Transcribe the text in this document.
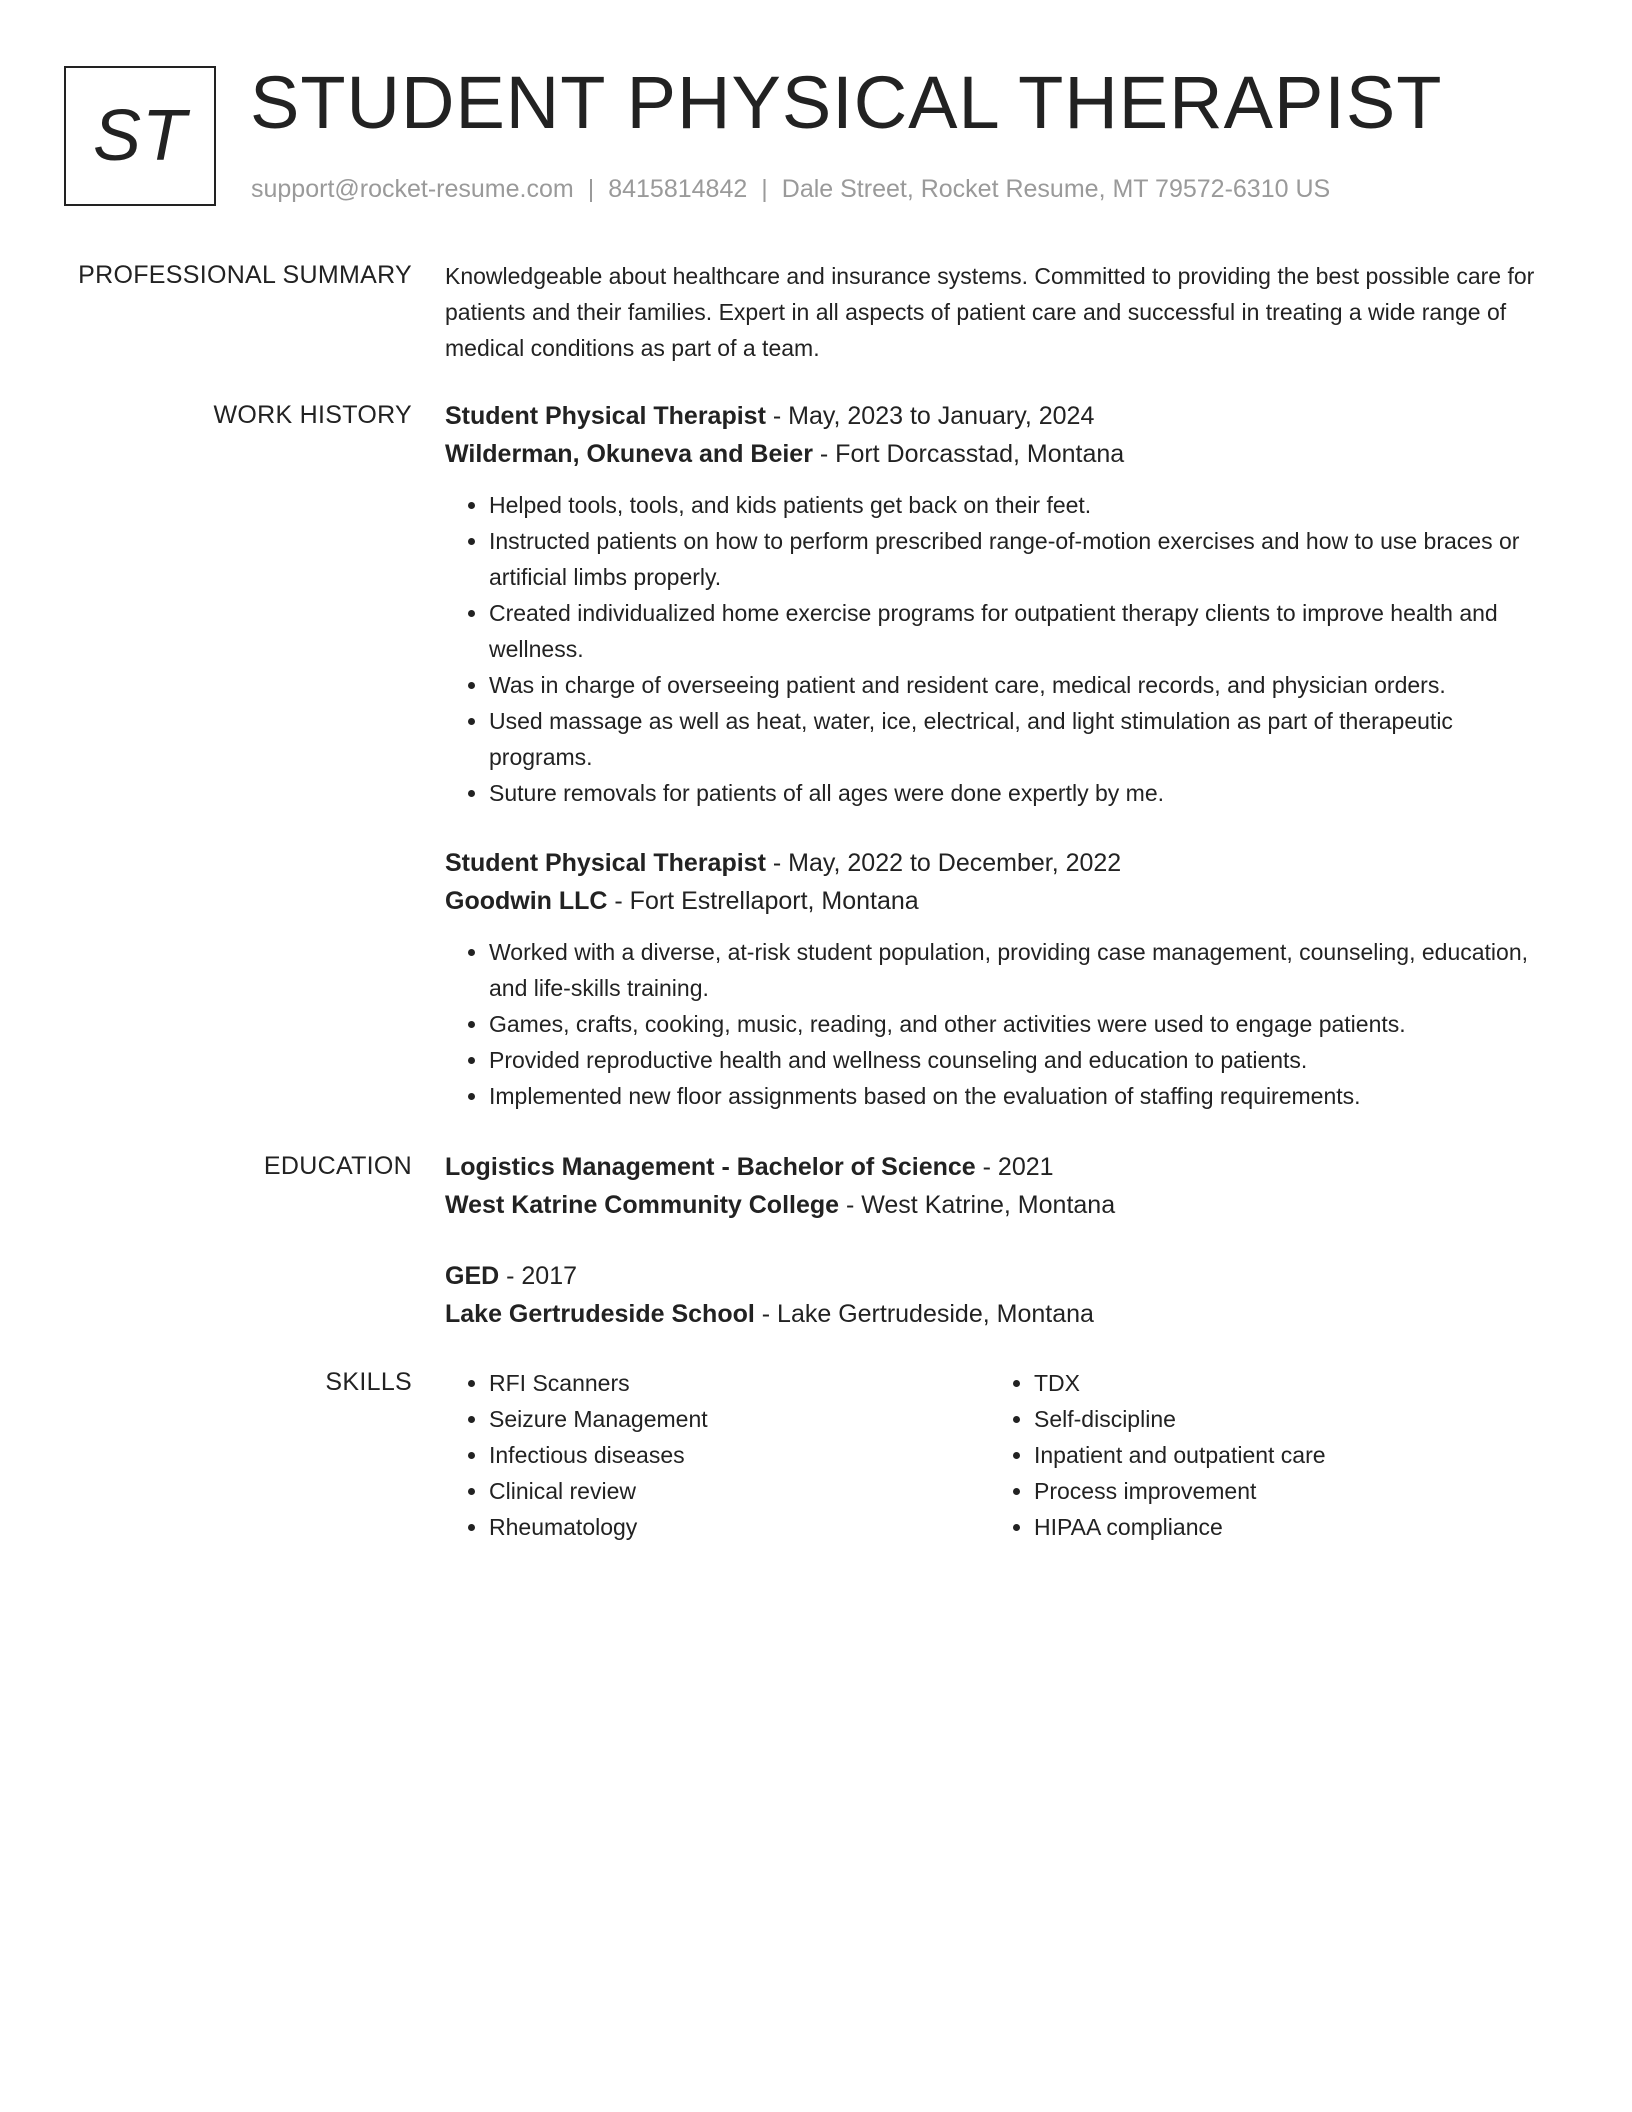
ST STUDENT PHYSICAL THERAPIST
support@rocket-resume.com | 8415814842 | Dale Street, Rocket Resume, MT 79572-6310 US
PROFESSIONAL SUMMARY Knowledgeable about healthcare and insurance systems. Committed to providing the best possible care for patients and their families. Expert in all aspects of patient care and successful in treating a wide range of medical conditions as part of a team.

WORK HISTORY Student Physical Therapist - May, 2023 to January, 2024

Wilderman, Okuneva and Beier - Fort Dorcasstad, Montana

• Helped tools, tools, and kids patients get back on their feet.
• Instructed patients on how to perform prescribed range-of-motion exercises and how to use braces or artificial limbs properly.
• Created individualized home exercise programs for outpatient therapy clients to improve health and wellness.
• Was in charge of overseeing patient and resident care, medical records, and physician orders.
• Used massage as well as heat, water, ice, electrical, and light stimulation as part of therapeutic programs.
• Suture removals for patients of all ages were done expertly by me.

Student Physical Therapist - May, 2022 to December, 2022

Goodwin LLC - Fort Estrellaport, Montana

• Worked with a diverse, at-risk student population, providing case management, counseling, education, and life-skills training.
• Games, crafts, cooking, music, reading, and other activities were used to engage patients.
• Provided reproductive health and wellness counseling and education to patients.
• Implemented new floor assignments based on the evaluation of staffing requirements.
EDUCATION Logistics Management - Bachelor of Science - 2021

West Katrine Community College - West Katrine, Montana

GED - 2017

Lake Gertrudeside School - Lake Gertrudeside, Montana

SKILLS
•	RFI Scanners
• Seizure Management
• Infectious diseases
• Clinical review
• Rheumatology
• TDX
• Self-discipline
• Inpatient and outpatient care
• Process improvement
• HIPAA compliance
